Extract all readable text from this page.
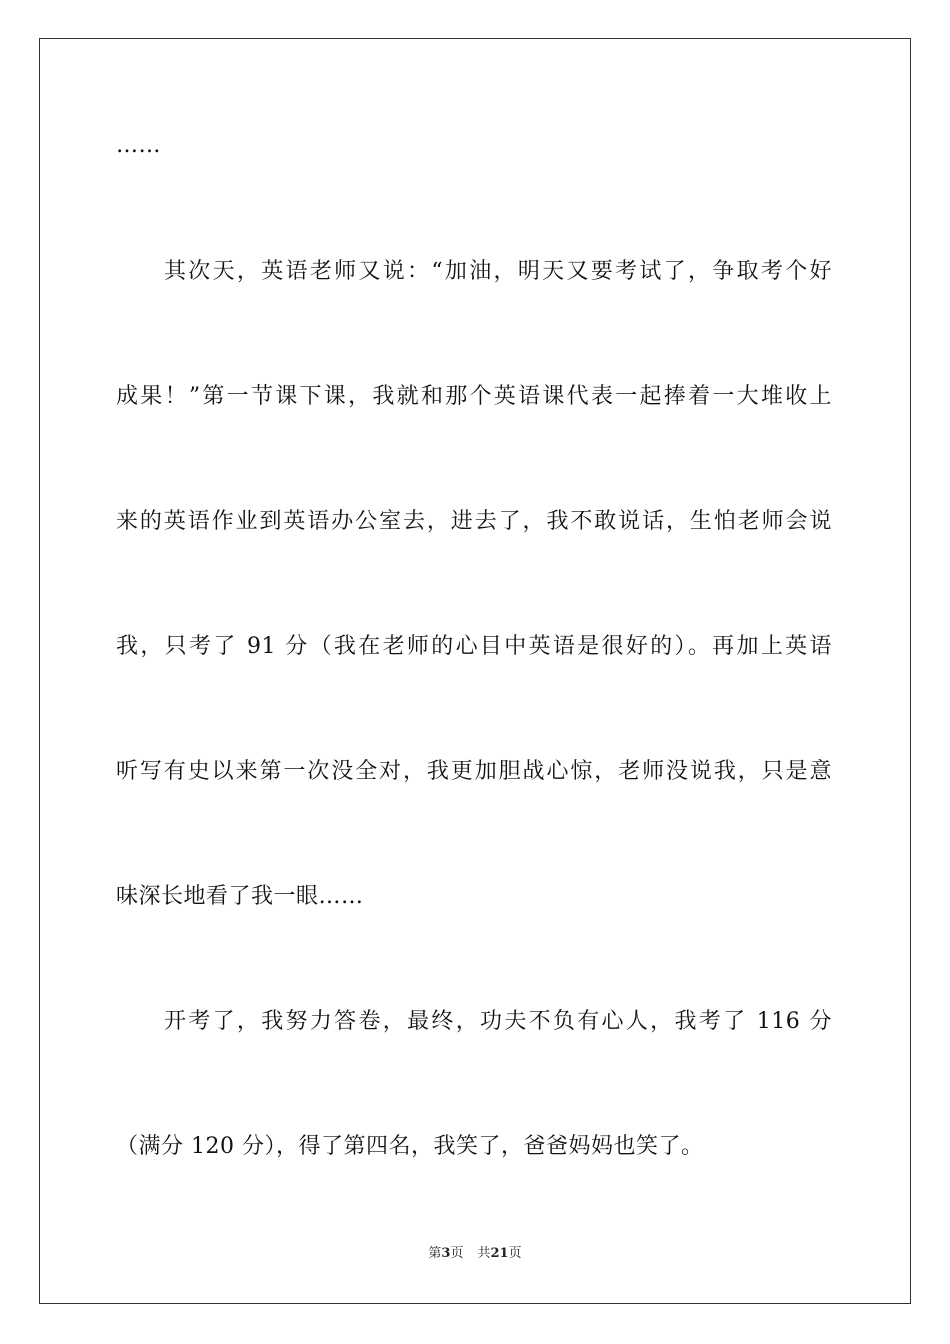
……
其次天，英语老师又说：“加油，明天又要考试了，争取考个好
成果！”第一节课下课，我就和那个英语课代表一起捧着一大堆收上
来的英语作业到英语办公室去，进去了，我不敢说话，生怕老师会说
我，只考了 91 分（我在老师的心目中英语是很好的）。再加上英语
听写有史以来第一次没全对，我更加胆战心惊，老师没说我，只是意
味深长地看了我一眼……
开考了，我努力答卷，最终，功夫不负有心人，我考了 116 分
（满分 120 分），得了第四名，我笑了，爸爸妈妈也笑了。
第3页 共21页
